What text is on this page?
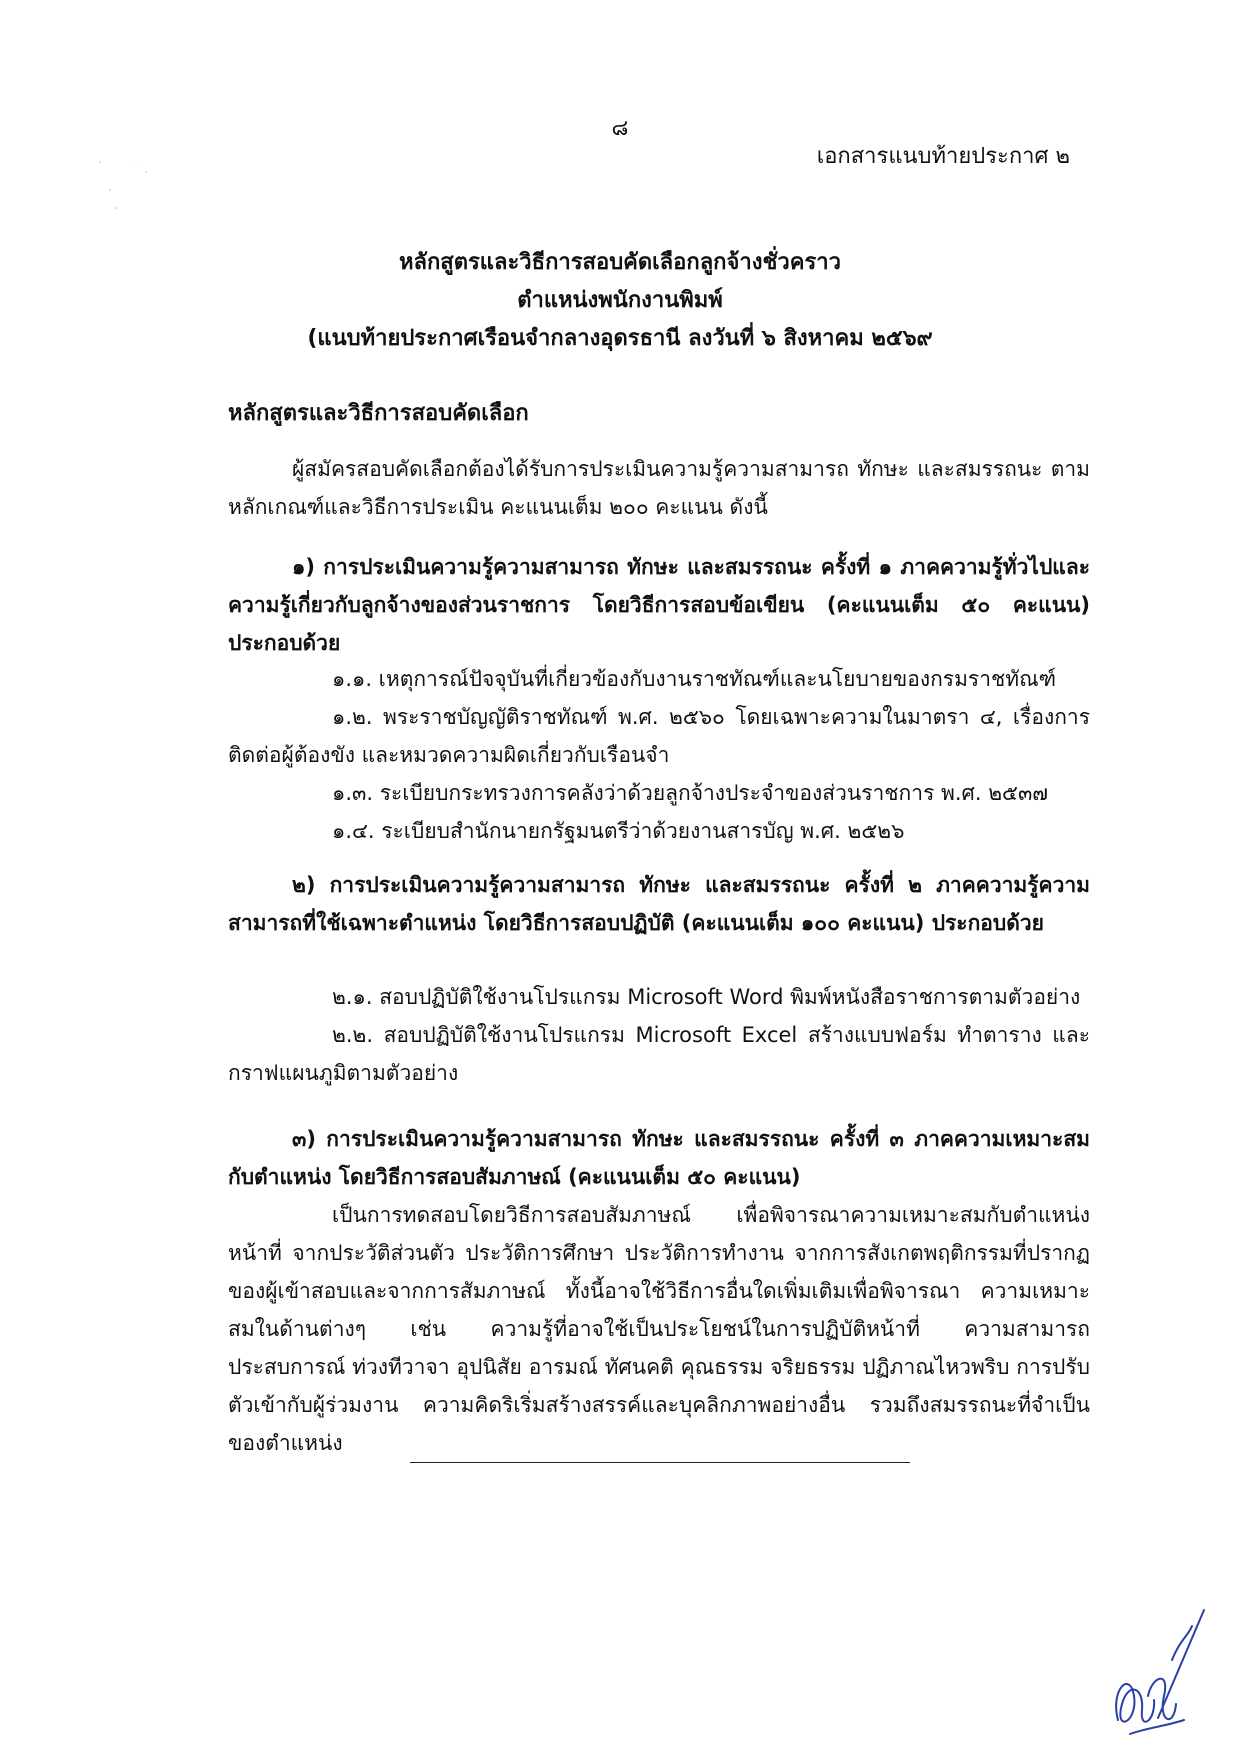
๘
เอกสารแนบท้ายประกาศ ๒
หลักสูตรและวิธีการสอบคัดเลือกลูกจ้างชั่วคราว
ตำแหน่งพนักงานพิมพ์
(แนบท้ายประกาศเรือนจำกลางอุดรธานี ลงวันที่ ๖ สิงหาคม ๒๕๖๙
หลักสูตรและวิธีการสอบคัดเลือก

ผู้สมัครสอบคัดเลือกต้องได้รับการประเมินความรู้ความสามารถ ทักษะ และสมรรถนะ ตามหลักเกณฑ์และวิธีการประเมิน คะแนนเต็ม ๒๐๐ คะแนน ดังนี้

๑) การประเมินความรู้ความสามารถ ทักษะ และสมรรถนะ ครั้งที่ ๑ ภาคความรู้ทั่วไปและความรู้เกี่ยวกับลูกจ้างของส่วนราชการ โดยวิธีการสอบข้อเขียน (คะแนนเต็ม ๕๐ คะแนน) ประกอบด้วย

๑.๑. เหตุการณ์ปัจจุบันที่เกี่ยวข้องกับงานราชทัณฑ์และนโยบายของกรมราชทัณฑ์

๑.๒. พระราชบัญญัติราชทัณฑ์ พ.ศ. ๒๕๖๐ โดยเฉพาะความในมาตรา ๔, เรื่องการติดต่อผู้ต้องขัง และหมวดความผิดเกี่ยวกับเรือนจำ

๑.๓. ระเบียบกระทรวงการคลังว่าด้วยลูกจ้างประจำของส่วนราชการ พ.ศ. ๒๕๓๗

๑.๔. ระเบียบสำนักนายกรัฐมนตรีว่าด้วยงานสารบัญ พ.ศ. ๒๕๒๖

๒) การประเมินความรู้ความสามารถ ทักษะ และสมรรถนะ ครั้งที่ ๒ ภาคความรู้ความสามารถที่ใช้เฉพาะตำแหน่ง โดยวิธีการสอบปฏิบัติ (คะแนนเต็ม ๑๐๐ คะแนน) ประกอบด้วย

๒.๑. สอบปฏิบัติใช้งานโปรแกรม Microsoft Word พิมพ์หนังสือราชการตามตัวอย่าง

๒.๒. สอบปฏิบัติใช้งานโปรแกรม Microsoft Excel สร้างแบบฟอร์ม ทำตาราง และกราฟแผนภูมิตามตัวอย่าง

๓) การประเมินความรู้ความสามารถ ทักษะ และสมรรถนะ ครั้งที่ ๓ ภาคความเหมาะสมกับตำแหน่ง โดยวิธีการสอบสัมภาษณ์ (คะแนนเต็ม ๕๐ คะแนน)

เป็นการทดสอบโดยวิธีการสอบสัมภาษณ์ เพื่อพิจารณาความเหมาะสมกับตำแหน่งหน้าที่ จากประวัติส่วนตัว ประวัติการศึกษา ประวัติการทำงาน จากการสังเกตพฤติกรรมที่ปรากฏของผู้เข้าสอบและจากการสัมภาษณ์ ทั้งนี้อาจใช้วิธีการอื่นใดเพิ่มเติมเพื่อพิจารณา ความเหมาะสมในด้านต่างๆ เช่น ความรู้ที่อาจใช้เป็นประโยชน์ในการปฏิบัติหน้าที่ ความสามารถประสบการณ์ ท่วงทีวาจา อุปนิสัย อารมณ์ ทัศนคติ คุณธรรม จริยธรรม ปฏิภาณไหวพริบ การปรับตัวเข้ากับผู้ร่วมงาน ความคิดริเริ่มสร้างสรรค์และบุคลิกภาพอย่างอื่น รวมถึงสมรรถนะที่จำเป็นของตำแหน่ง
